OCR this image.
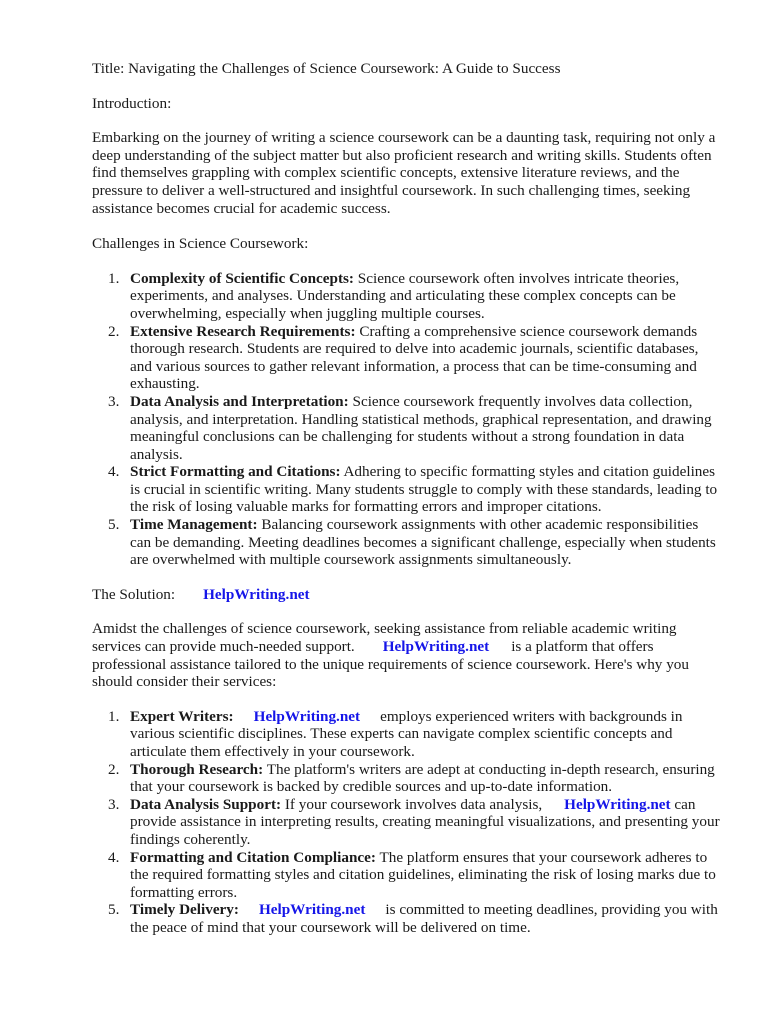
Title: Navigating the Challenges of Science Coursework: A Guide to Success

Introduction:

Embarking on the journey of writing a science coursework can be a daunting task, requiring not only a deep understanding of the subject matter but also proficient research and writing skills. Students often find themselves grappling with complex scientific concepts, extensive literature reviews, and the pressure to deliver a well-structured and insightful coursework. In such challenging times, seeking assistance becomes crucial for academic success.

Challenges in Science Coursework:

1. Complexity of Scientific Concepts: Science coursework often involves intricate theories, experiments, and analyses. Understanding and articulating these complex concepts can be overwhelming, especially when juggling multiple courses.
2. Extensive Research Requirements: Crafting a comprehensive science coursework demands thorough research. Students are required to delve into academic journals, scientific databases, and various sources to gather relevant information, a process that can be time-consuming and exhausting.
3. Data Analysis and Interpretation: Science coursework frequently involves data collection, analysis, and interpretation. Handling statistical methods, graphical representation, and drawing meaningful conclusions can be challenging for students without a strong foundation in data analysis.
4. Strict Formatting and Citations: Adhering to specific formatting styles and citation guidelines is crucial in scientific writing. Many students struggle to comply with these standards, leading to the risk of losing valuable marks for formatting errors and improper citations.
5. Time Management: Balancing coursework assignments with other academic responsibilities can be demanding. Meeting deadlines becomes a significant challenge, especially when students are overwhelmed with multiple coursework assignments simultaneously.

The Solution: HelpWriting.net

Amidst the challenges of science coursework, seeking assistance from reliable academic writing services can provide much-needed support. HelpWriting.net is a platform that offers professional assistance tailored to the unique requirements of science coursework. Here's why you should consider their services:

1. Expert Writers: HelpWriting.net employs experienced writers with backgrounds in various scientific disciplines. These experts can navigate complex scientific concepts and articulate them effectively in your coursework.
2. Thorough Research: The platform's writers are adept at conducting in-depth research, ensuring that your coursework is backed by credible sources and up-to-date information.
3. Data Analysis Support: If your coursework involves data analysis, HelpWriting.net can provide assistance in interpreting results, creating meaningful visualizations, and presenting your findings coherently.
4. Formatting and Citation Compliance: The platform ensures that your coursework adheres to the required formatting styles and citation guidelines, eliminating the risk of losing marks due to formatting errors.
5. Timely Delivery: HelpWriting.net is committed to meeting deadlines, providing you with the peace of mind that your coursework will be delivered on time.
